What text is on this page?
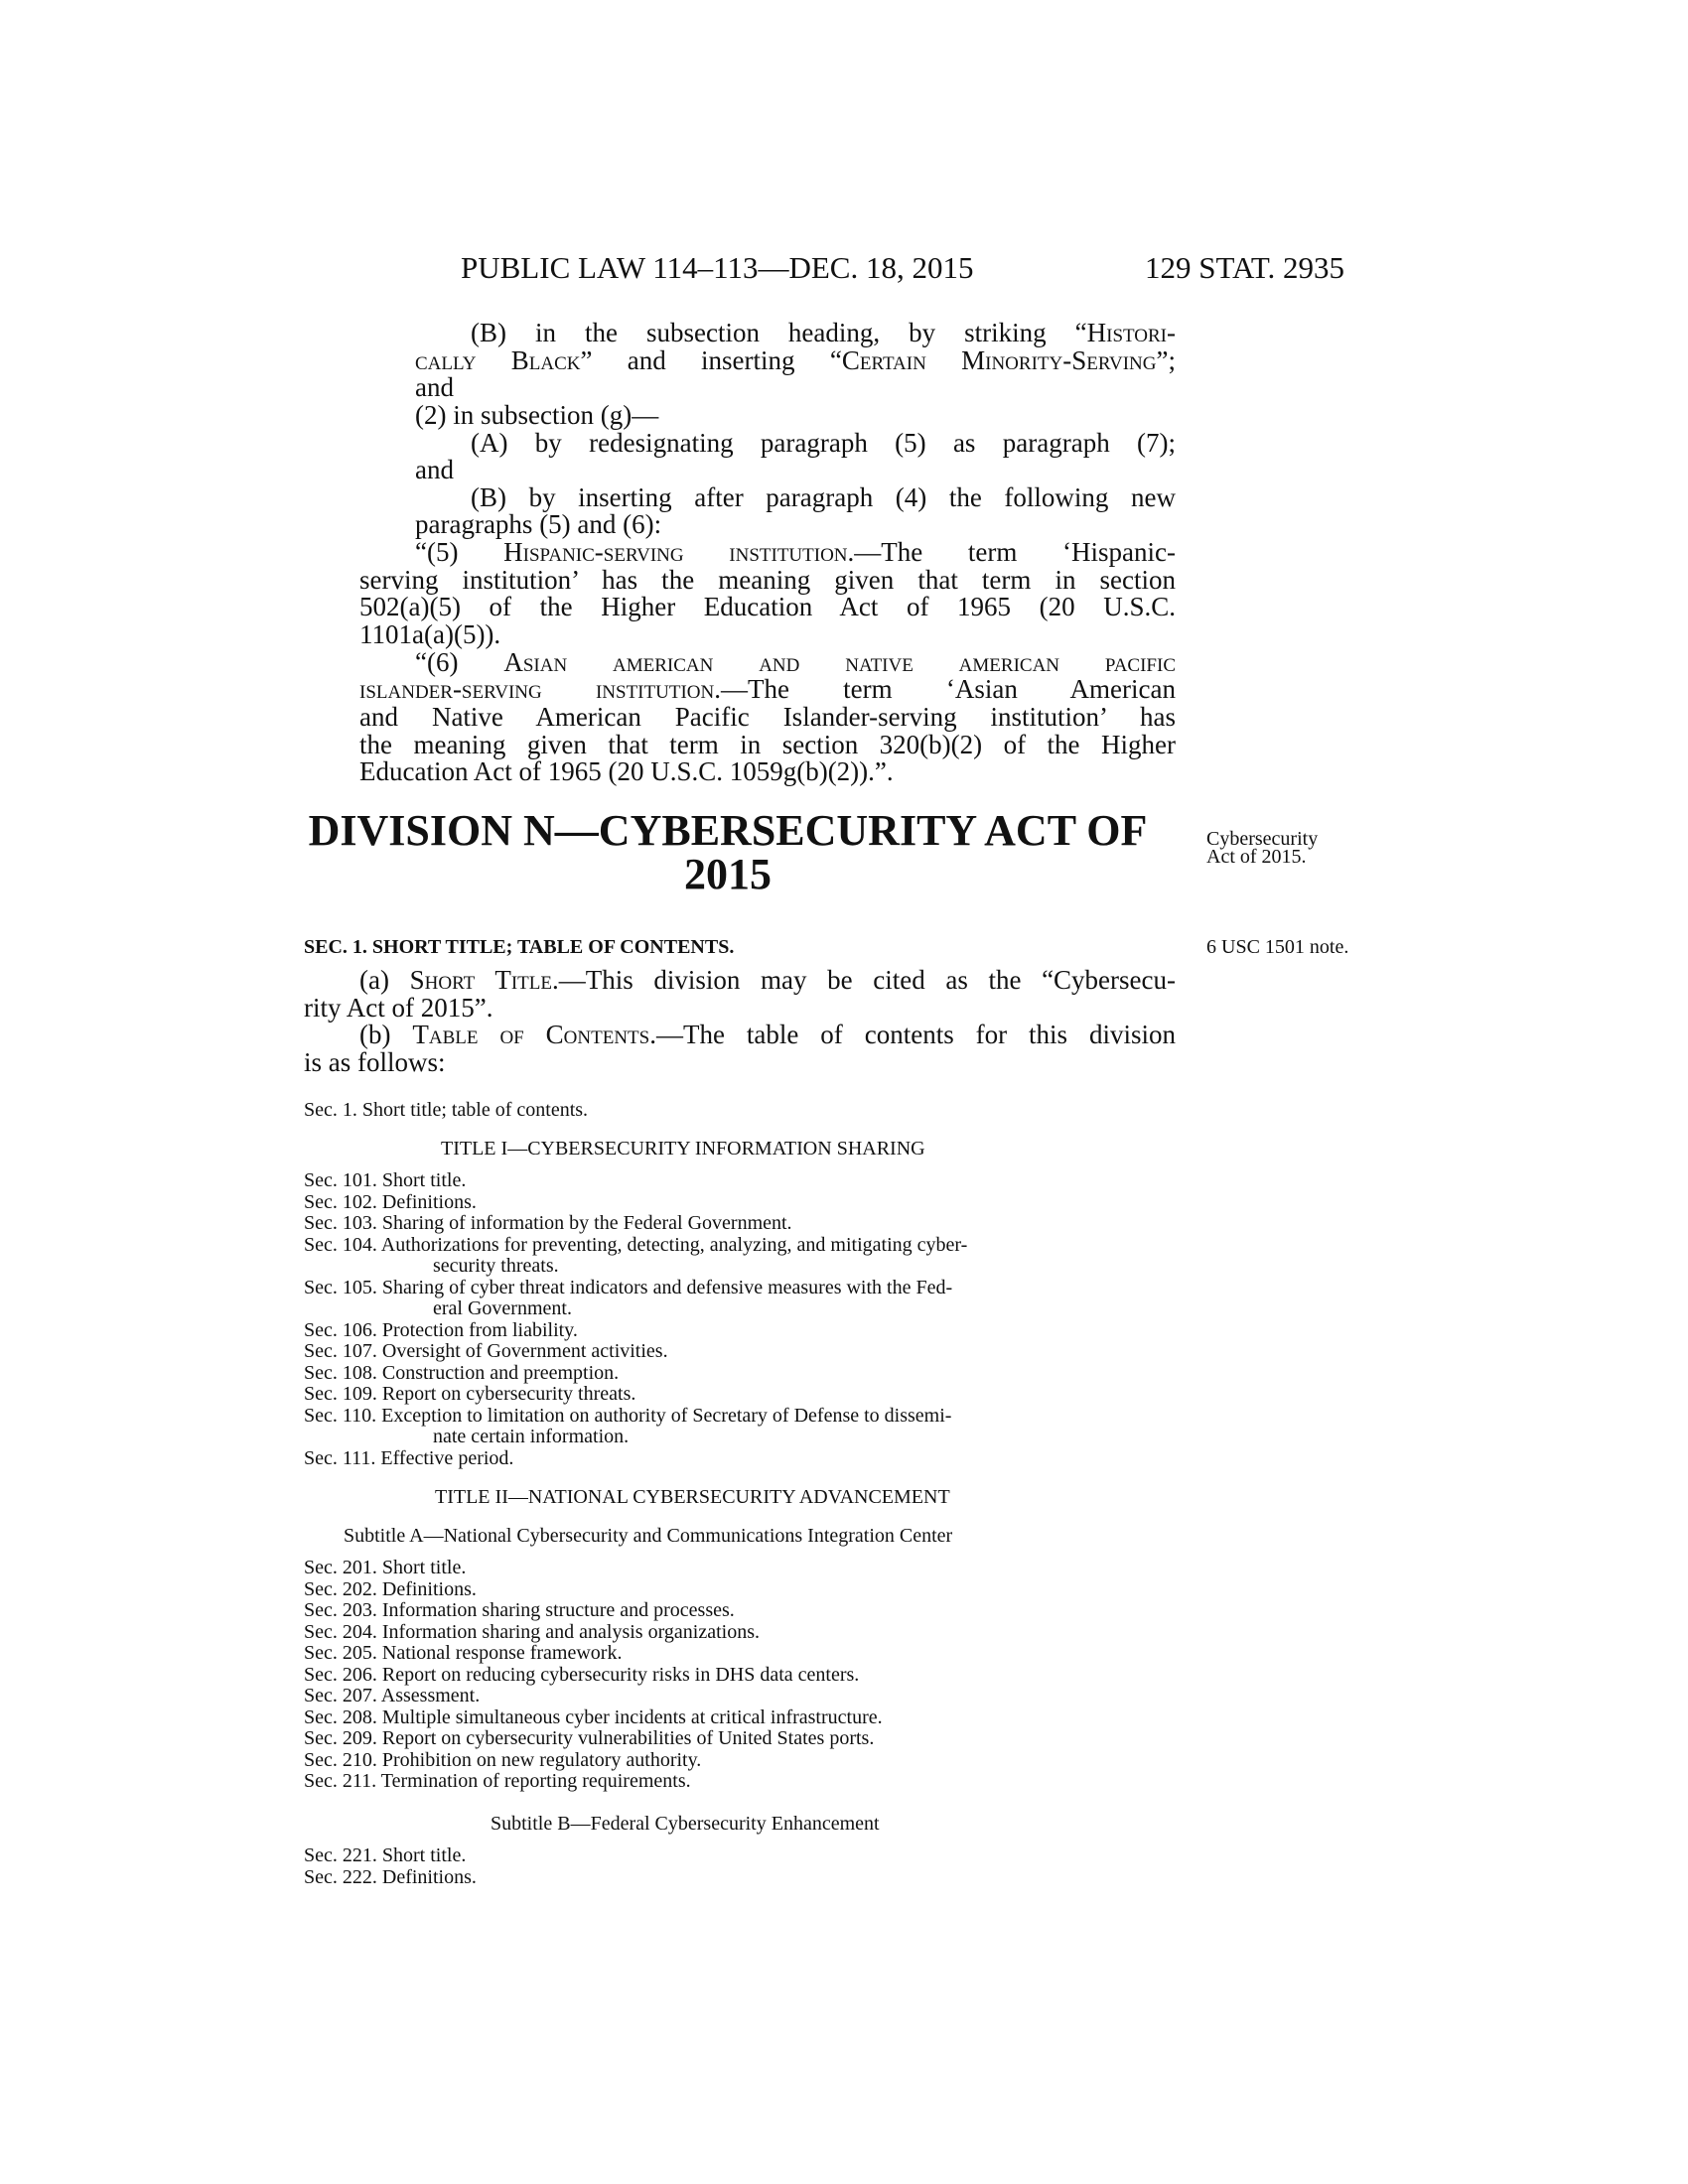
PUBLIC LAW 114–113—DEC. 18, 2015	129 STAT. 2935
(B) in the subsection heading, by striking “Histori-
cally Black” and inserting “Certain Minority-Serving”;
and
(2) in subsection (g)—
(A) by redesignating paragraph (5) as paragraph (7);
and
(B) by inserting after paragraph (4) the following new
paragraphs (5) and (6):
“(5) Hispanic-serving institution.—The term ‘Hispanic-
serving institution’ has the meaning given that term in section
502(a)(5) of the Higher Education Act of 1965 (20 U.S.C.
1101a(a)(5)).
“(6) Asian american and native american pacific
islander-serving institution.—The term ‘Asian American
and Native American Pacific Islander-serving institution’ has
the meaning given that term in section 320(b)(2) of the Higher
Education Act of 1965 (20 U.S.C. 1059g(b)(2)).”.
DIVISION N—CYBERSECURITY ACT OF
2015
Cybersecurity
Act of 2015.
SEC. 1. SHORT TITLE; TABLE OF CONTENTS.	6 USC 1501 note.
(a) Short Title.—This division may be cited as the “Cybersecu-
rity Act of 2015”.
(b) Table of Contents.—The table of contents for this division
is as follows:
Sec. 1. Short title; table of contents.
TITLE I—CYBERSECURITY INFORMATION SHARING
Sec. 101. Short title.
Sec. 102. Definitions.
Sec. 103. Sharing of information by the Federal Government.
Sec. 104. Authorizations for preventing, detecting, analyzing, and mitigating cyber-
security threats.
Sec. 105. Sharing of cyber threat indicators and defensive measures with the Fed-
eral Government.
Sec. 106. Protection from liability.
Sec. 107. Oversight of Government activities.
Sec. 108. Construction and preemption.
Sec. 109. Report on cybersecurity threats.
Sec. 110. Exception to limitation on authority of Secretary of Defense to dissemi-
nate certain information.
Sec. 111. Effective period.
TITLE II—NATIONAL CYBERSECURITY ADVANCEMENT
Subtitle A—National Cybersecurity and Communications Integration Center
Sec. 201. Short title.
Sec. 202. Definitions.
Sec. 203. Information sharing structure and processes.
Sec. 204. Information sharing and analysis organizations.
Sec. 205. National response framework.
Sec. 206. Report on reducing cybersecurity risks in DHS data centers.
Sec. 207. Assessment.
Sec. 208. Multiple simultaneous cyber incidents at critical infrastructure.
Sec. 209. Report on cybersecurity vulnerabilities of United States ports.
Sec. 210. Prohibition on new regulatory authority.
Sec. 211. Termination of reporting requirements.
Subtitle B—Federal Cybersecurity Enhancement
Sec. 221. Short title.
Sec. 222. Definitions.
